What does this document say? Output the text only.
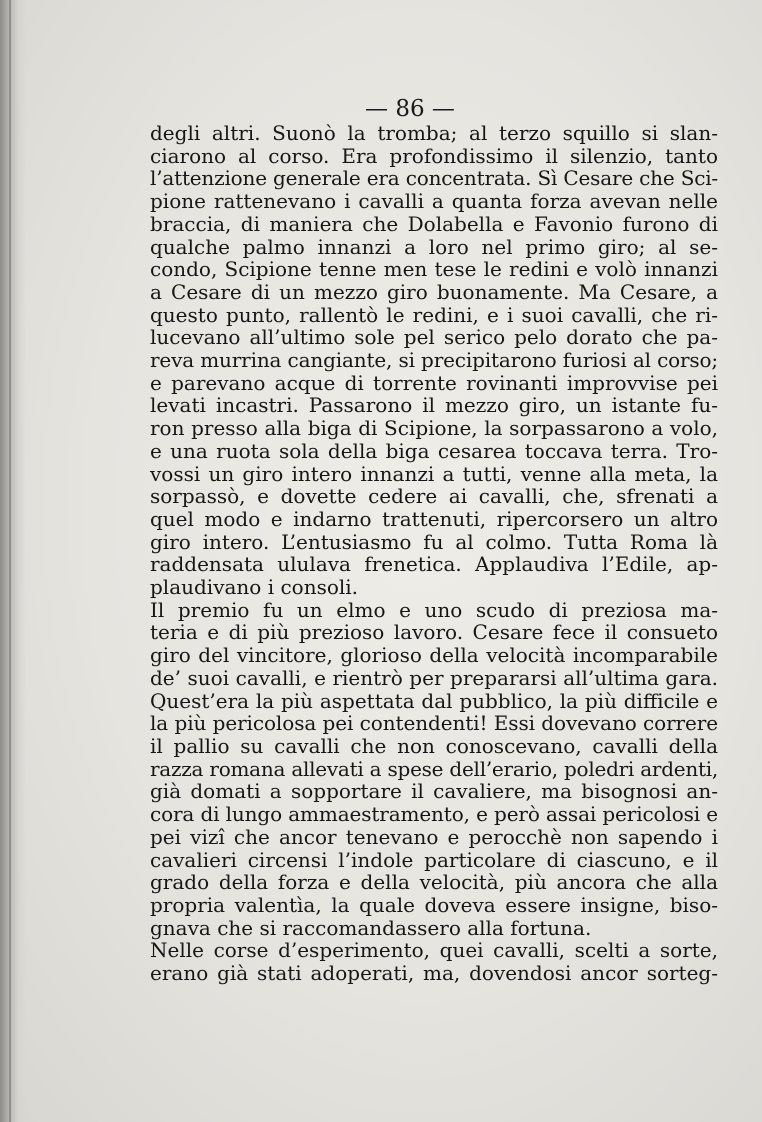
— 86 —
degli altri. Suonò la tromba; al terzo squillo si slan-
ciarono al corso. Era profondissimo il silenzio, tanto
l’attenzione generale era concentrata. Sì Cesare che Sci-
pione rattenevano i cavalli a quanta forza avevan nelle
braccia, di maniera che Dolabella e Favonio furono di
qualche palmo innanzi a loro nel primo giro; al se-
condo, Scipione tenne men tese le redini e volò innanzi
a Cesare di un mezzo giro buonamente. Ma Cesare, a
questo punto, rallentò le redini, e i suoi cavalli, che ri-
lucevano all’ultimo sole pel serico pelo dorato che pa-
reva murrina cangiante, si precipitarono furiosi al corso;
e parevano acque di torrente rovinanti improvvise pei
levati incastri. Passarono il mezzo giro, un istante fu-
ron presso alla biga di Scipione, la sorpassarono a volo,
e una ruota sola della biga cesarea toccava terra. Tro-
vossi un giro intero innanzi a tutti, venne alla meta, la
sorpassò, e dovette cedere ai cavalli, che, sfrenati a
quel modo e indarno trattenuti, ripercorsero un altro
giro intero. L’entusiasmo fu al colmo. Tutta Roma là
raddensata ululava frenetica. Applaudiva l’Edile, ap-
plaudivano i consoli.
Il premio fu un elmo e uno scudo di preziosa ma-
teria e di più prezioso lavoro. Cesare fece il consueto
giro del vincitore, glorioso della velocità incomparabile
de’ suoi cavalli, e rientrò per prepararsi all’ultima gara.
Quest’era la più aspettata dal pubblico, la più difficile e
la più pericolosa pei contendenti! Essi dovevano correre
il pallio su cavalli che non conoscevano, cavalli della
razza romana allevati a spese dell’erario, poledri ardenti,
già domati a sopportare il cavaliere, ma bisognosi an-
cora di lungo ammaestramento, e però assai pericolosi e
pei vizî che ancor tenevano e perocchè non sapendo i
cavalieri circensi l’indole particolare di ciascuno, e il
grado della forza e della velocità, più ancora che alla
propria valentìa, la quale doveva essere insigne, biso-
gnava che si raccomandassero alla fortuna.
Nelle corse d’esperimento, quei cavalli, scelti a sorte,
erano già stati adoperati, ma, dovendosi ancor sorteg-
